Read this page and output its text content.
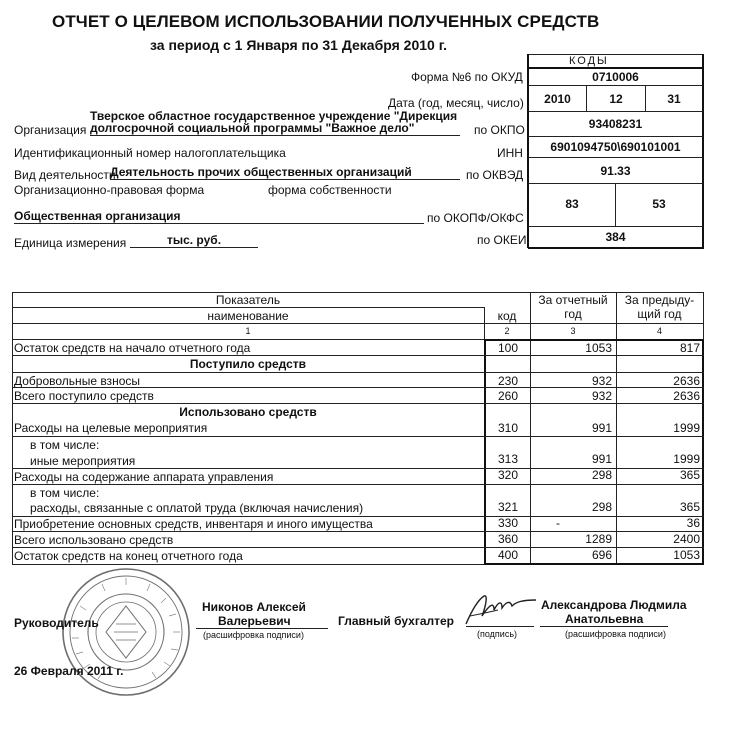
ОТЧЕТ О ЦЕЛЕВОМ ИСПОЛЬЗОВАНИИ ПОЛУЧЕННЫХ СРЕДСТВ
за период с 1 Января по 31 Декабря 2010 г.
КОДЫ
Форма №6 по ОКУД	0710006
Дата (год, месяц, число)	2010	12	31
Тверское областное государственное учреждение "Дирекция
Организация долгосрочной социальной программы "Важное дело"	по ОКПО	93408231
Идентификационный номер налогоплательщика	ИНН	6901094750\690101001
Вид деятельности
Деятельность прочих общественных организаций	по ОКВЭД	91.33
Организационно-правовая форма	форма собственности
Общественная организация	по ОКОПФ/ОКФС
83	53
Единица измерения	тыс. руб.	по ОКЕИ	384
Показатель
наименование	код
За отчетный
год
За предыду-
щий год
1	2	3	4
Остаток средств на начало отчетного года	100	1053	817
Поступило средств
Добровольные взносы	230	932	2636
Всего поступило средств	260	932	2636
Использовано средств
Расходы на целевые мероприятия	310	991	1999
в том числе:
иные мероприятия	313	991	1999
Расходы на содержание аппарата управления	320	298	365
в том числе:
расходы, связанные с оплатой труда (включая начисления)	321	298	365
Приобретение основных средств, инвентаря и иного имущества	330	-	36
Всего использовано средств	360	1289	2400
Остаток средств на конец отчетного года	400	696	1053
Руководитель
Никонов Алексей
Валерьевич
(расшифровка подписи)
Главный бухгалтер
(подпись)
Александрова Людмила
Анатольевна
(расшифровка подписи)
26 Февраля 2011 г.
